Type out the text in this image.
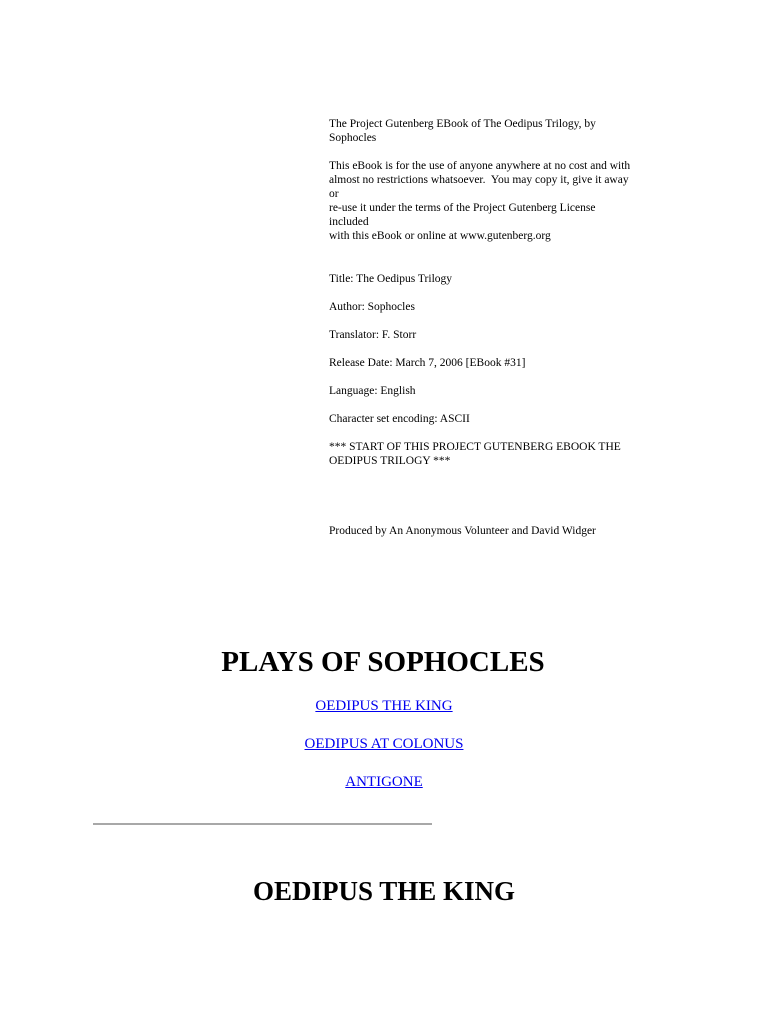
The Project Gutenberg EBook of The Oedipus Trilogy, by
Sophocles
This eBook is for the use of anyone anywhere at no cost and with
almost no restrictions whatsoever.  You may copy it, give it away
or
re-use it under the terms of the Project Gutenberg License
included
with this eBook or online at www.gutenberg.org
Title: The Oedipus Trilogy
Author: Sophocles
Translator: F. Storr
Release Date: March 7, 2006 [EBook #31]
Language: English
Character set encoding: ASCII
*** START OF THIS PROJECT GUTENBERG EBOOK THE
OEDIPUS TRILOGY ***
Produced by An Anonymous Volunteer and David Widger
PLAYS OF SOPHOCLES
OEDIPUS THE KING
OEDIPUS AT COLONUS
ANTIGONE
OEDIPUS THE KING
